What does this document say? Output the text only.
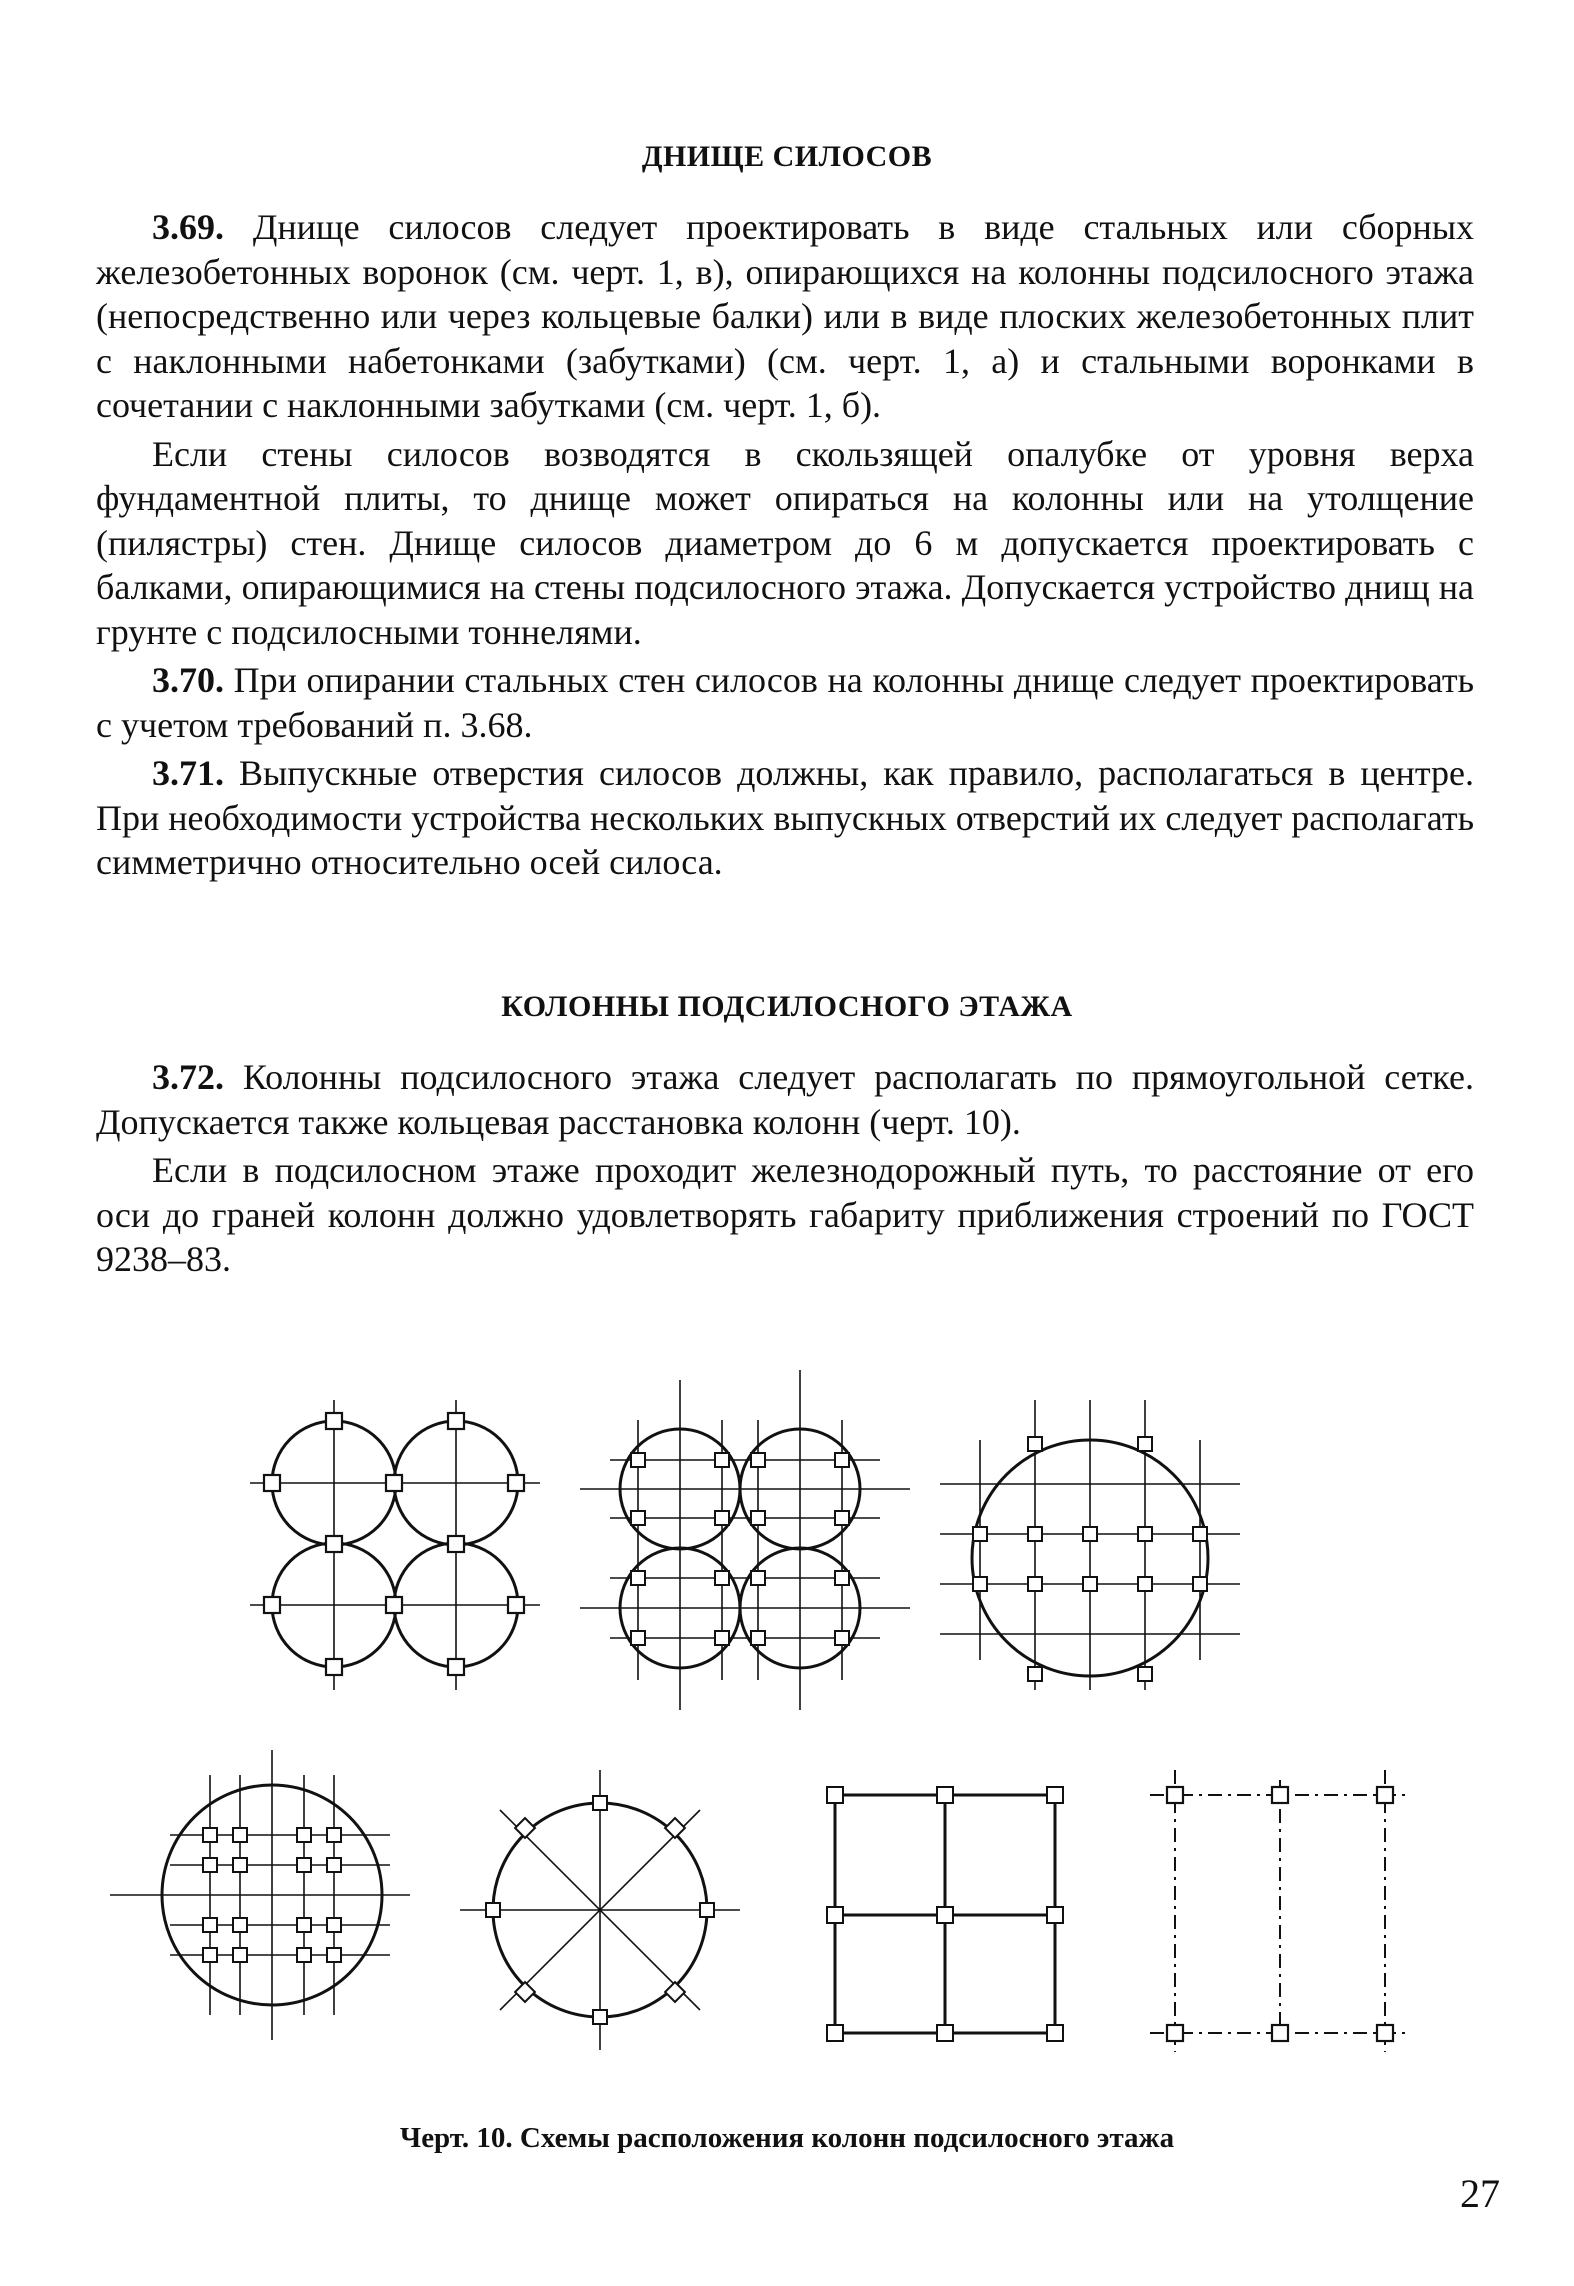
ДНИЩЕ СИЛОСОВ

3.69. Днище силосов следует проектировать в виде стальных или сборных железобетонных воронок (см. черт. 1, в), опирающихся на колонны подсилосного этажа (непосредственно или через кольцевые балки) или в виде плоских железобетонных плит с наклонными набетонками (забутками) (см. черт. 1, а) и стальными воронками в сочетании с наклонными забутками (см. черт. 1, б).

Если стены силосов возводятся в скользящей опалубке от уровня верха фундаментной плиты, то днище может опираться на колонны или на утолщение (пилястры) стен. Днище силосов диаметром до 6 м допускается проектировать с балками, опирающимися на стены подсилосного этажа. Допускается устройство днищ на грунте с подсилосными тоннелями.

3.70. При опирании стальных стен силосов на колонны днище следует проектировать с учетом требований п. 3.68.

3.71. Выпускные отверстия силосов должны, как правило, располагаться в центре. При необходимости устройства нескольких выпускных отверстий их следует располагать симметрично относительно осей силоса.

КОЛОННЫ ПОДСИЛОСНОГО ЭТАЖА

3.72. Колонны подсилосного этажа следует располагать по прямоугольной сетке. Допускается также кольцевая расстановка колонн (черт. 10).

Если в подсилосном этаже проходит железнодорожный путь, то расстояние от его оси до граней колонн должно удовлетворять габариту приближения строений по ГОСТ 9238–83.

Черт. 10. Схемы расположения колонн подсилосного этажа
27
